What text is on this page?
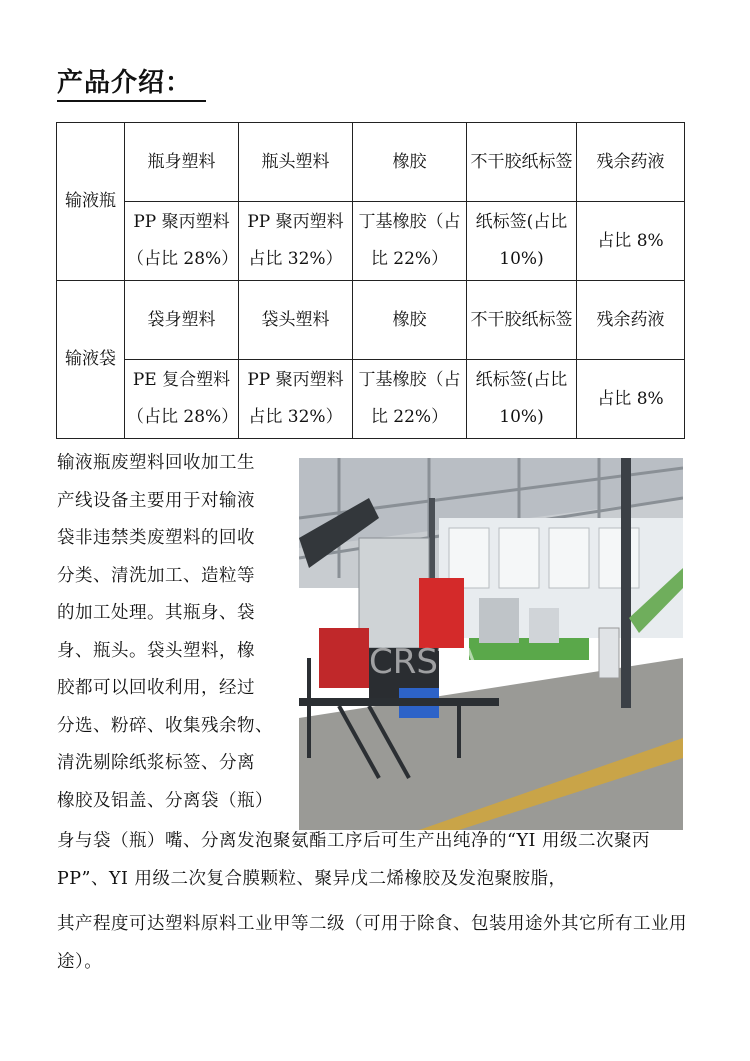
产品介绍：
输液瓶	瓶身塑料	瓶头塑料	橡胶	不干胶纸标签	残余药液
	PP 聚丙塑料（占比 28%）	PP 聚丙塑料占比 32%）	丁基橡胶（占比 22%）	纸标签(占比 10%)	占比 8%
输液袋	袋身塑料	袋头塑料	橡胶	不干胶纸标签	残余药液
	PE 复合塑料（占比 28%）	PP 聚丙塑料占比 32%）	丁基橡胶（占比 22%）	纸标签(占比 10%)	占比 8%
输液瓶废塑料回收加工生
产线设备主要用于对输液
袋非违禁类废塑料的回收
分类、清洗加工、造粒等
的加工处理。其瓶身、袋
身、瓶头。袋头塑料，橡
胶都可以回收利用，经过
分选、粉碎、收集残余物、
清洗剔除纸浆标签、分离
橡胶及铝盖、分离袋（瓶）
CRSTA

身与袋（瓶）嘴、分离发泡聚氨酯工序后可生产出纯净的“YI 用级二次聚丙 PP”、YI 用级二次复合膜颗粒、聚异戊二烯橡胶及发泡聚胺脂，

其产程度可达塑料原料工业甲等二级（可用于除食、包装用途外其它所有工业用途）。
